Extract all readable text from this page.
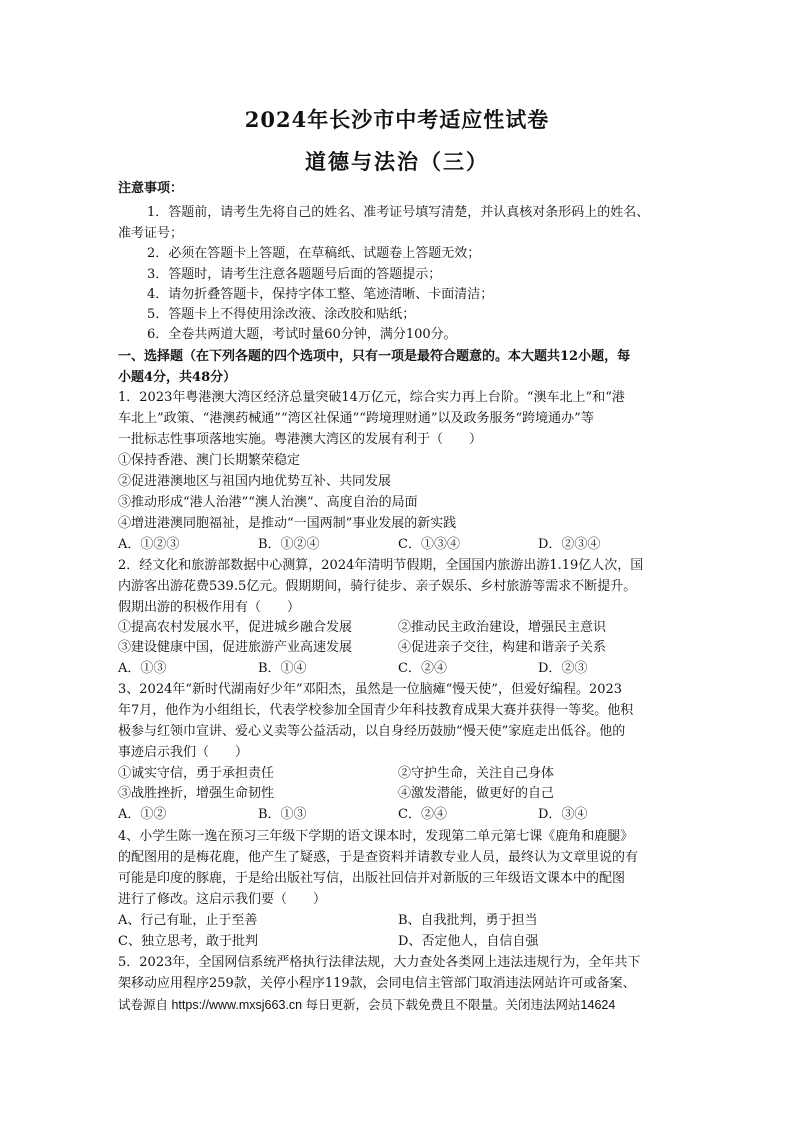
2024年长沙市中考适应性试卷
道德与法治（三）
注意事项：
1．答题前，请考生先将自己的姓名、准考证号填写清楚，并认真核对条形码上的姓名、
准考证号；
2．必须在答题卡上答题，在草稿纸、试题卷上答题无效；
3．答题时，请考生注意各题题号后面的答题提示；
4．请勿折叠答题卡，保持字体工整、笔迹清晰、卡面清洁；
5．答题卡上不得使用涂改液、涂改胶和贴纸；
6．全卷共两道大题，考试时量60分钟，满分100分。
一、选择题（在下列各题的四个选项中，只有一项是最符合题意的。本大题共12小题，每
小题4分，共48分）
1．2023年粤港澳大湾区经济总量突破14万亿元，综合实力再上台阶。“澳车北上”和“港
车北上”政策、“港澳药械通”“湾区社保通”“跨境理财通”以及政务服务“跨境通办”等
一批标志性事项落地实施。粤港澳大湾区的发展有利于（　　）
①保持香港、澳门长期繁荣稳定
②促进港澳地区与祖国内地优势互补、共同发展
③推动形成“港人治港”“澳人治澳”、高度自治的局面
④增进港澳同胞福祉，是推动“一国两制”事业发展的新实践
A．①②③	B．①②④	C．①③④	D．②③④
2．经文化和旅游部数据中心测算，2024年清明节假期，全国国内旅游出游1.19亿人次，国
内游客出游花费539.5亿元。假期期间，骑行徒步、亲子娱乐、乡村旅游等需求不断提升。
假期出游的积极作用有（　　）
①提高农村发展水平，促进城乡融合发展	②推动民主政治建设，增强民主意识
③建设健康中国，促进旅游产业高速发展	④促进亲子交往，构建和谐亲子关系
A．①③	B．①④	C．②④	D．②③
3、2024年“新时代湖南好少年”邓阳杰，虽然是一位脑瘫“慢天使”，但爱好编程。2023
年7月，他作为小组组长，代表学校参加全国青少年科技教育成果大赛并获得一等奖。他积
极参与红领巾宣讲、爱心义卖等公益活动，以自身经历鼓励“慢天使”家庭走出低谷。他的
事迹启示我们（　　）
①诚实守信，勇于承担责任	②守护生命，关注自己身体
③战胜挫折，增强生命韧性	④激发潜能，做更好的自己
A．①②	B．①③	C．②④	D．③④
4、小学生陈一逸在预习三年级下学期的语文课本时，发现第二单元第七课《鹿角和鹿腿》
的配图用的是梅花鹿，他产生了疑惑，于是查资料并请教专业人员，最终认为文章里说的有
可能是印度的豚鹿，于是给出版社写信，出版社回信并对新版的三年级语文课本中的配图
进行了修改。这启示我们要（　　）
A、行己有耻，止于至善	B、自我批判，勇于担当
C、独立思考，敢于批判	D、否定他人，自信自强
5．2023年，全国网信系统严格执行法律法规，大力查处各类网上违法违规行为，全年共下
架移动应用程序259款，关停小程序119款，会同电信主管部门取消违法网站许可或备案、
试卷源自 https://www.mxsj663.cn 每日更新，会员下载免费且不限量。关闭违法网站14624
